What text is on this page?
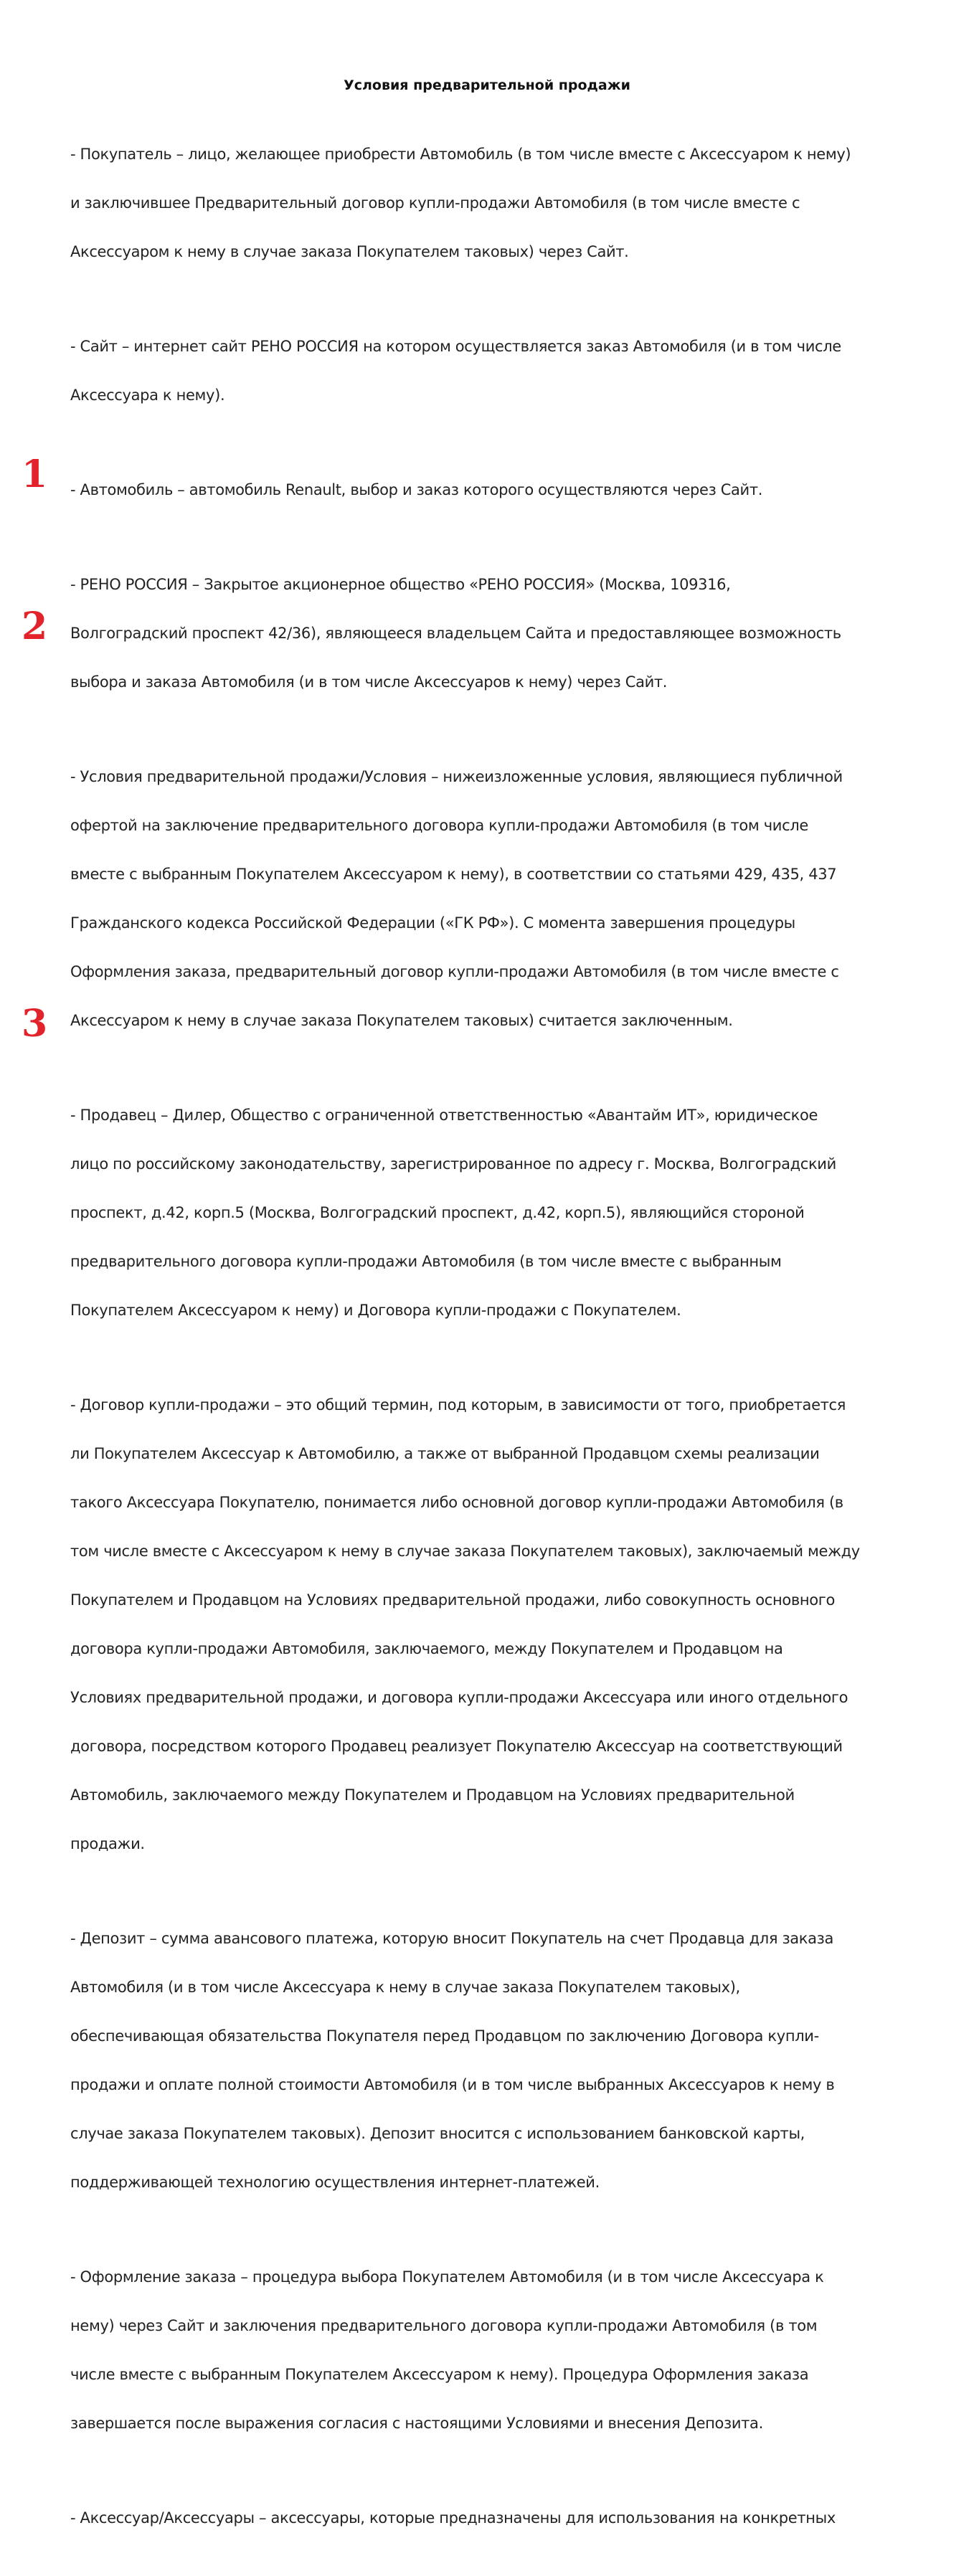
Условия предварительной продажи
1
2
3

- Покупатель – лицо, желающее приобрести Автомобиль (в том числе вместе с Аксессуаром к нему)

и заключившее Предварительный договор купли-продажи Автомобиля (в том числе вместе с

Аксессуаром к нему в случае заказа Покупателем таковых) через Сайт.

- Сайт – интернет сайт РЕНО РОССИЯ на котором осуществляется заказ Автомобиля (и в том числе

Аксессуара к нему).

- Автомобиль – автомобиль Renault, выбор и заказ которого осуществляются через Сайт.

- РЕНО РОССИЯ – Закрытое акционерное общество «РЕНО РОССИЯ» (Москва, 109316,

Волгоградский проспект 42/36), являющееся владельцем Сайта и предоставляющее возможность

выбора и заказа Автомобиля (и в том числе Аксессуаров к нему) через Сайт.

- Условия предварительной продажи/Условия – нижеизложенные условия, являющиеся публичной

офертой на заключение предварительного договора купли-продажи Автомобиля (в том числе

вместе с выбранным Покупателем Аксессуаром к нему), в соответствии со статьями 429, 435, 437

Гражданского кодекса Российской Федерации («ГК РФ»). С момента завершения процедуры

Оформления заказа, предварительный договор купли-продажи Автомобиля (в том числе вместе с

Аксессуаром к нему в случае заказа Покупателем таковых) считается заключенным.

- Продавец – Дилер, Общество с ограниченной ответственностью «Авантайм ИТ», юридическое

лицо по российскому законодательству, зарегистрированное по адресу г. Москва, Волгоградский

проспект, д.42, корп.5 (Москва, Волгоградский проспект, д.42, корп.5), являющийся стороной

предварительного договора купли-продажи Автомобиля (в том числе вместе с выбранным

Покупателем Аксессуаром к нему) и Договора купли-продажи с Покупателем.

- Договор купли-продажи – это общий термин, под которым, в зависимости от того, приобретается

ли Покупателем Аксессуар к Автомобилю, а также от выбранной Продавцом схемы реализации

такого Аксессуара Покупателю, понимается либо основной договор купли-продажи Автомобиля (в

том числе вместе с Аксессуаром к нему в случае заказа Покупателем таковых), заключаемый между

Покупателем и Продавцом на Условиях предварительной продажи, либо совокупность основного

договора купли-продажи Автомобиля, заключаемого, между Покупателем и Продавцом на

Условиях предварительной продажи, и договора купли-продажи Аксессуара или иного отдельного

договора, посредством которого Продавец реализует Покупателю Аксессуар на соответствующий

Автомобиль, заключаемого между Покупателем и Продавцом на Условиях предварительной

продажи.

- Депозит – сумма авансового платежа, которую вносит Покупатель на счет Продавца для заказа

Автомобиля (и в том числе Аксессуара к нему в случае заказа Покупателем таковых),

обеспечивающая обязательства Покупателя перед Продавцом по заключению Договора купли-

продажи и оплате полной стоимости Автомобиля (и в том числе выбранных Аксессуаров к нему в

случае заказа Покупателем таковых). Депозит вносится с использованием банковской карты,

поддерживающей технологию осуществления интернет-платежей.

- Оформление заказа – процедура выбора Покупателем Автомобиля (и в том числе Аксессуара к

нему) через Сайт и заключения предварительного договора купли-продажи Автомобиля (в том

числе вместе с выбранным Покупателем Аксессуаром к нему). Процедура Оформления заказа

завершается после выражения согласия с настоящими Условиями и внесения Депозита.

- Аксессуар/Аксессуары – аксессуары, которые предназначены для использования на конкретных
